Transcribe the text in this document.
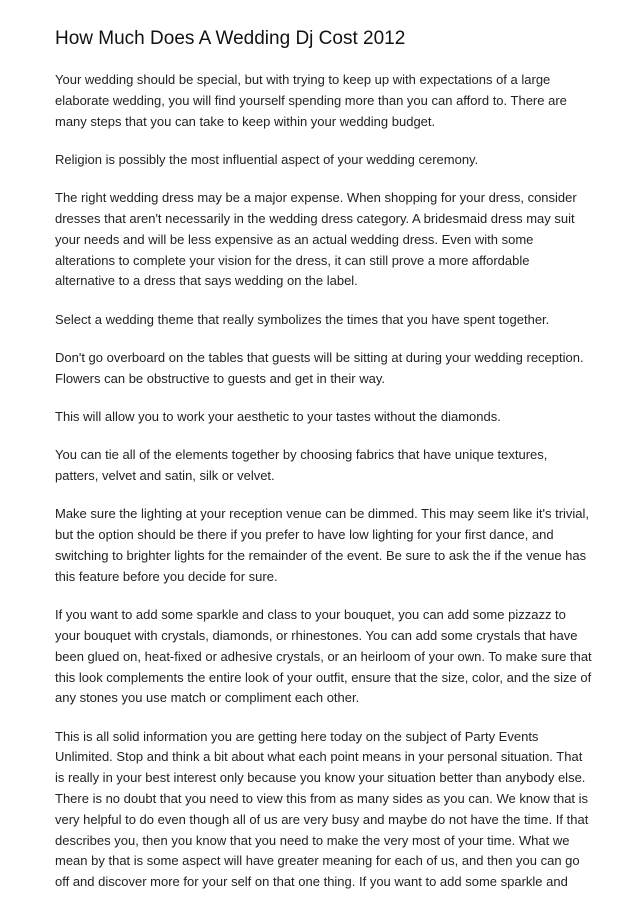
How Much Does A Wedding Dj Cost 2012

Your wedding should be special, but with trying to keep up with expectations of a large elaborate wedding, you will find yourself spending more than you can afford to. There are many steps that you can take to keep within your wedding budget.

Religion is possibly the most influential aspect of your wedding ceremony.

The right wedding dress may be a major expense. When shopping for your dress, consider dresses that aren't necessarily in the wedding dress category. A bridesmaid dress may suit your needs and will be less expensive as an actual wedding dress. Even with some alterations to complete your vision for the dress, it can still prove a more affordable alternative to a dress that says wedding on the label.

Select a wedding theme that really symbolizes the times that you have spent together.

Don't go overboard on the tables that guests will be sitting at during your wedding reception. Flowers can be obstructive to guests and get in their way.

This will allow you to work your aesthetic to your tastes without the diamonds.

You can tie all of the elements together by choosing fabrics that have unique textures, patters, velvet and satin, silk or velvet.

Make sure the lighting at your reception venue can be dimmed. This may seem like it's trivial, but the option should be there if you prefer to have low lighting for your first dance, and switching to brighter lights for the remainder of the event. Be sure to ask the if the venue has this feature before you decide for sure.

If you want to add some sparkle and class to your bouquet, you can add some pizzazz to your bouquet with crystals, diamonds, or rhinestones. You can add some crystals that have been glued on, heat-fixed or adhesive crystals, or an heirloom of your own. To make sure that this look complements the entire look of your outfit, ensure that the size, color, and the size of any stones you use match or compliment each other.

This is all solid information you are getting here today on the subject of Party Events Unlimited. Stop and think a bit about what each point means in your personal situation. That is really in your best interest only because you know your situation better than anybody else. There is no doubt that you need to view this from as many sides as you can. We know that is very helpful to do even though all of us are very busy and maybe do not have the time. If that describes you, then you know that you need to make the very most of your time. What we mean by that is some aspect will have greater meaning for each of us, and then you can go off and discover more for your self on that one thing. If you want to add some sparkle and
